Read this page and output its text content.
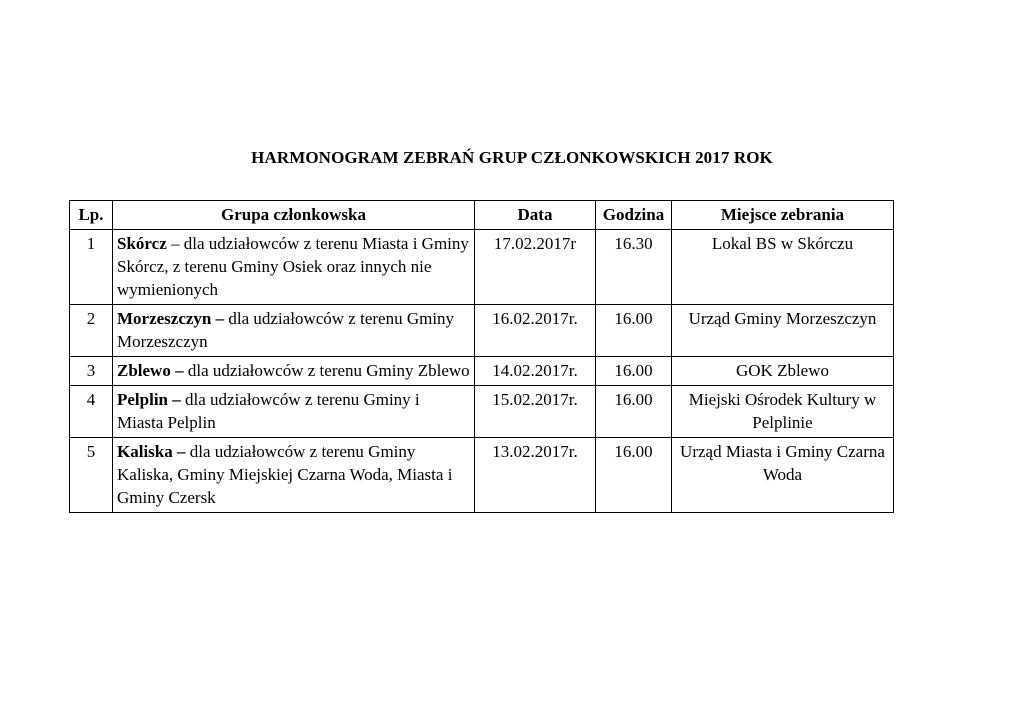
HARMONOGRAM ZEBRAŃ GRUP CZŁONKOWSKICH 2017 ROK
Lp.	Grupa członkowska	Data	Godzina	Miejsce zebrania
1	Skórcz – dla udziałowców z terenu Miasta i Gminy Skórcz, z terenu Gminy Osiek oraz innych nie wymienionych	17.02.2017r	16.30	Lokal BS w Skórczu
2	Morzeszczyn – dla udziałowców z terenu Gminy Morzeszczyn	16.02.2017r.	16.00	Urząd Gminy Morzeszczyn
3	Zblewo – dla udziałowców z terenu Gminy Zblewo	14.02.2017r.	16.00	GOK Zblewo
4	Pelplin – dla udziałowców z terenu Gminy i Miasta Pelplin	15.02.2017r.	16.00	Miejski Ośrodek Kultury w Pelplinie
5	Kaliska – dla udziałowców z terenu Gminy Kaliska, Gminy Miejskiej Czarna Woda, Miasta i Gminy Czersk	13.02.2017r.	16.00	Urząd Miasta i Gminy Czarna Woda
